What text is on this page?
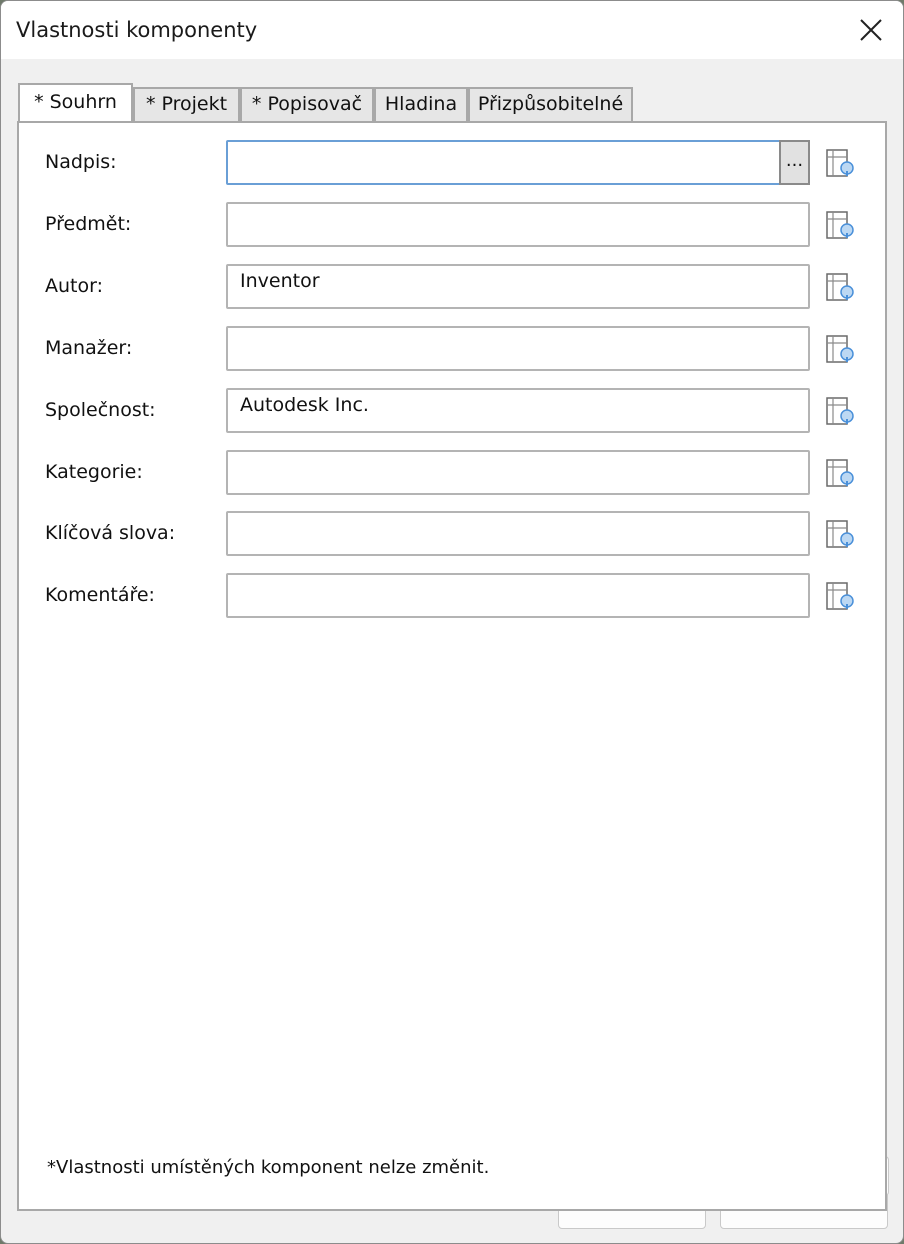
Vlastnosti komponenty
* Souhrn	* Projekt	* Popisovač	Hladina	Přizpůsobitelné
Nadpis:	...
Předmět:
Autor:	Inventor
Manažer:
Společnost:	Autodesk Inc.
Kategorie:
Klíčová slova:
Komentáře:
*Vlastnosti umístěných komponent nelze změnit.
